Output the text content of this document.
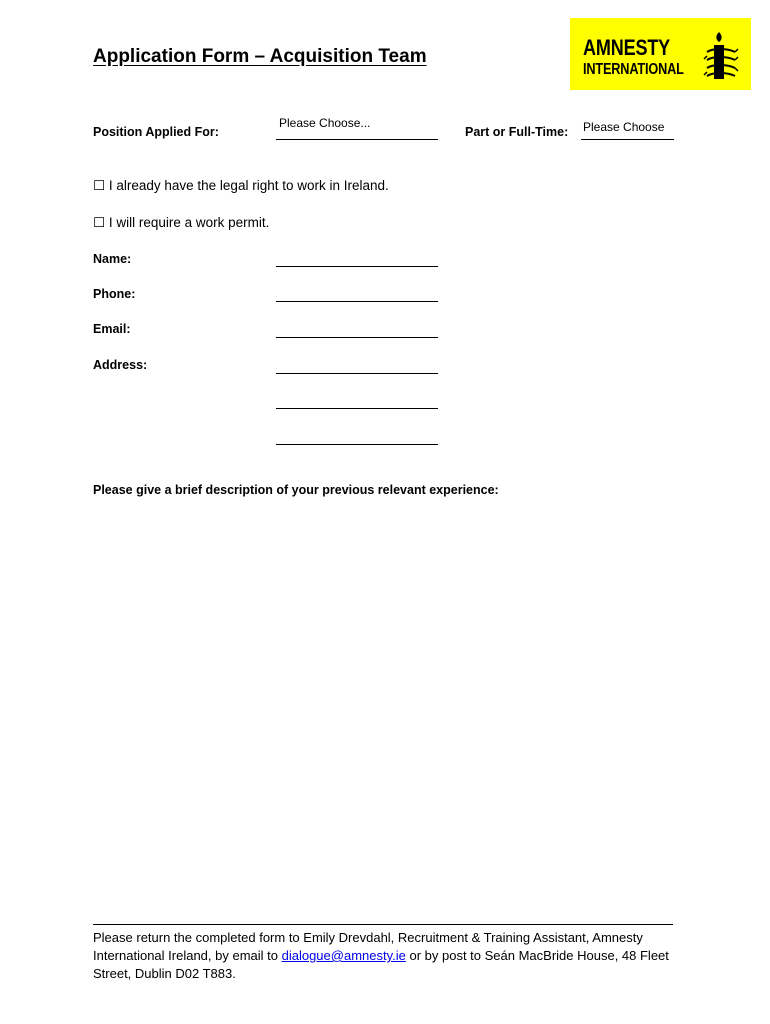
Application Form – Acquisition Team	AMNESTY
INTERNATIONAL
Position Applied For:
Please Choose...
Part or Full-Time: Please Choose
☐ I already have the legal right to work in Ireland.
☐ I will require a work permit.
Name:
Phone:
Email:
Address:
Please give a brief description of your previous relevant experience:
Please return the completed form to Emily Drevdahl, Recruitment & Training Assistant, Amnesty International Ireland, by email to dialogue@amnesty.ie or by post to Seán MacBride House, 48 Fleet Street, Dublin D02 T883.
